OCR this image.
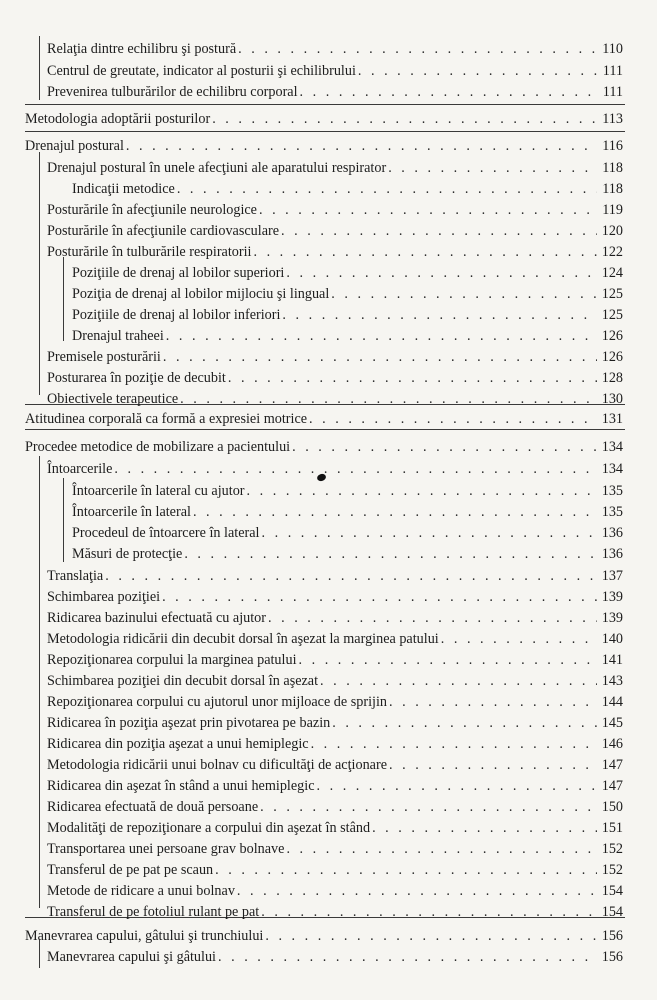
Relaţia dintre echilibru şi postură . . .	110
Centrul de greutate, indicator al posturii şi echilibrului . . .	111
Prevenirea tulburărilor de echilibru corporal . . .	111
Metodologia adoptării posturilor . . .	113
Drenajul postural . . .	116
Drenajul postural în unele afecţiuni ale aparatului respirator . . .	118
Indicaţii metodice . . .	118
Posturările în afecţiunile neurologice . . .	119
Posturările în afecţiunile cardiovasculare . . .	120
Posturările în tulburările respiratorii . . .	122
Poziţiile de drenaj al lobilor superiori . . .	124
Poziţia de drenaj al lobilor mijlociu şi lingual . . .	125
Poziţiile de drenaj al lobilor inferiori . . .	125
Drenajul traheei . . .	126
Premisele posturării . . .	126
Posturarea în poziţie de decubit . . .	128
Obiectivele terapeutice . . .	130
Atitudinea corporală ca formă a expresiei motrice . . .	131
Procedee metodice de mobilizare a pacientului . . .	134
Întoarcerile . . .	134
Întoarcerile în lateral cu ajutor . . .	135
Întoarcerile în lateral . . .	135
Procedeul de întoarcere în lateral . . .	136
Măsuri de protecţie . . .	136
Translaţia . . .	137
Schimbarea poziţiei . . .	139
Ridicarea bazinului efectuată cu ajutor . . .	139
Metodologia ridicării din decubit dorsal în aşezat la marginea patului . . .	140
Repoziţionarea corpului la marginea patului . . .	141
Schimbarea poziţiei din decubit dorsal în aşezat . . .	143
Repoziţionarea corpului cu ajutorul unor mijloace de sprijin . . .	144
Ridicarea în poziţia aşezat prin pivotarea pe bazin . . .	145
Ridicarea din poziţia aşezat a unui hemiplegic . . .	146
Metodologia ridicării unui bolnav cu dificultăţi de acţionare . . .	147
Ridicarea din aşezat în stând a unui hemiplegic . . .	147
Ridicarea efectuată de două persoane . . .	150
Modalităţi de repoziţionare a corpului din aşezat în stând . . .	151
Transportarea unei persoane grav bolnave . . .	152
Transferul de pe pat pe scaun . . .	152
Metode de ridicare a unui bolnav . . .	154
Transferul de pe fotoliul rulant pe pat . . .	154
Manevrarea capului, gâtului şi trunchiului . . .	156
Manevrarea capului şi gâtului . . .	156
